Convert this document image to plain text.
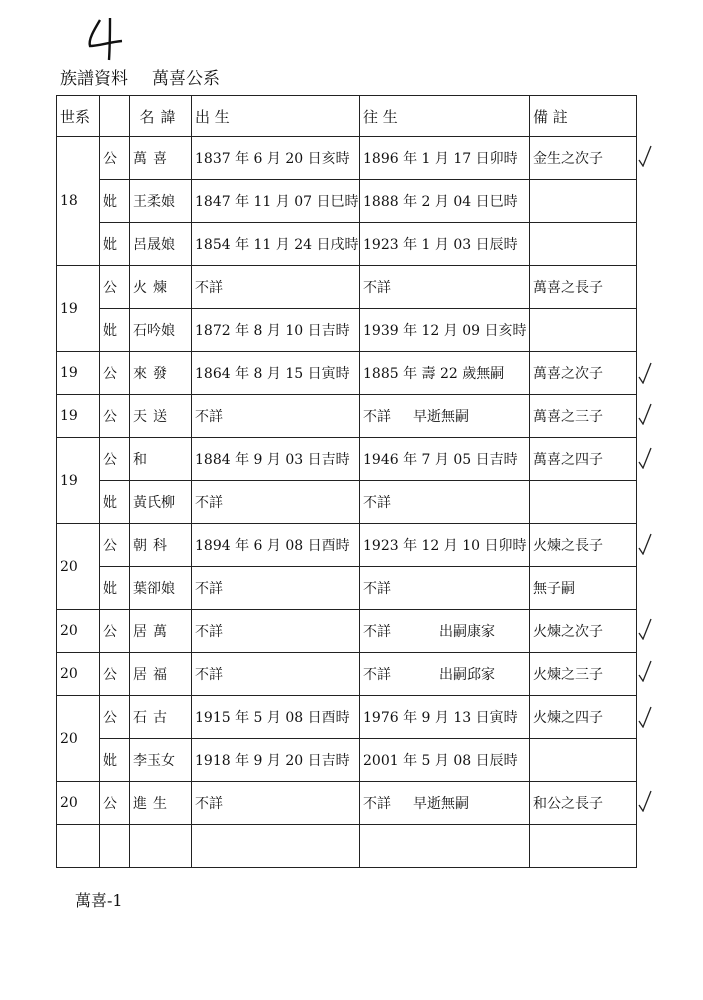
族譜資料 萬喜公系
世系		名諱	出 生	往 生	備 註
18	公	萬喜	1837 年 6 月 20 日亥時	1896 年 1 月 17 日卯時	金生之次子
	妣	王柔娘	1847 年 11 月 07 日巳時	1888 年 2 月 04 日巳時	
	妣	呂晟娘	1854 年 11 月 24 日戌時	1923 年 1 月 03 日辰時	
19	公	火煉	不詳	不詳	萬喜之長子
	妣	石吟娘	1872 年 8 月 10 日吉時	1939 年 12 月 09 日亥時	
19	公	來發	1864 年 8 月 15 日寅時	1885 年 壽 22 歲無嗣	萬喜之次子
19	公	天送	不詳	不詳 早逝無嗣	萬喜之三子
19	公	和	1884 年 9 月 03 日吉時	1946 年 7 月 05 日吉時	萬喜之四子
	妣	黃氏柳	不詳	不詳	
20	公	朝科	1894 年 6 月 08 日酉時	1923 年 12 月 10 日卯時	火煉之長子
	妣	葉卻娘	不詳	不詳	無子嗣
20	公	居萬	不詳	不詳 出嗣康家	火煉之次子
20	公	居福	不詳	不詳 出嗣邱家	火煉之三子
20	公	石古	1915 年 5 月 08 日酉時	1976 年 9 月 13 日寅時	火煉之四子
	妣	李玉女	1918 年 9 月 20 日吉時	2001 年 5 月 08 日辰時	
20	公	進生	不詳	不詳 早逝無嗣	和公之長子

萬喜-1
